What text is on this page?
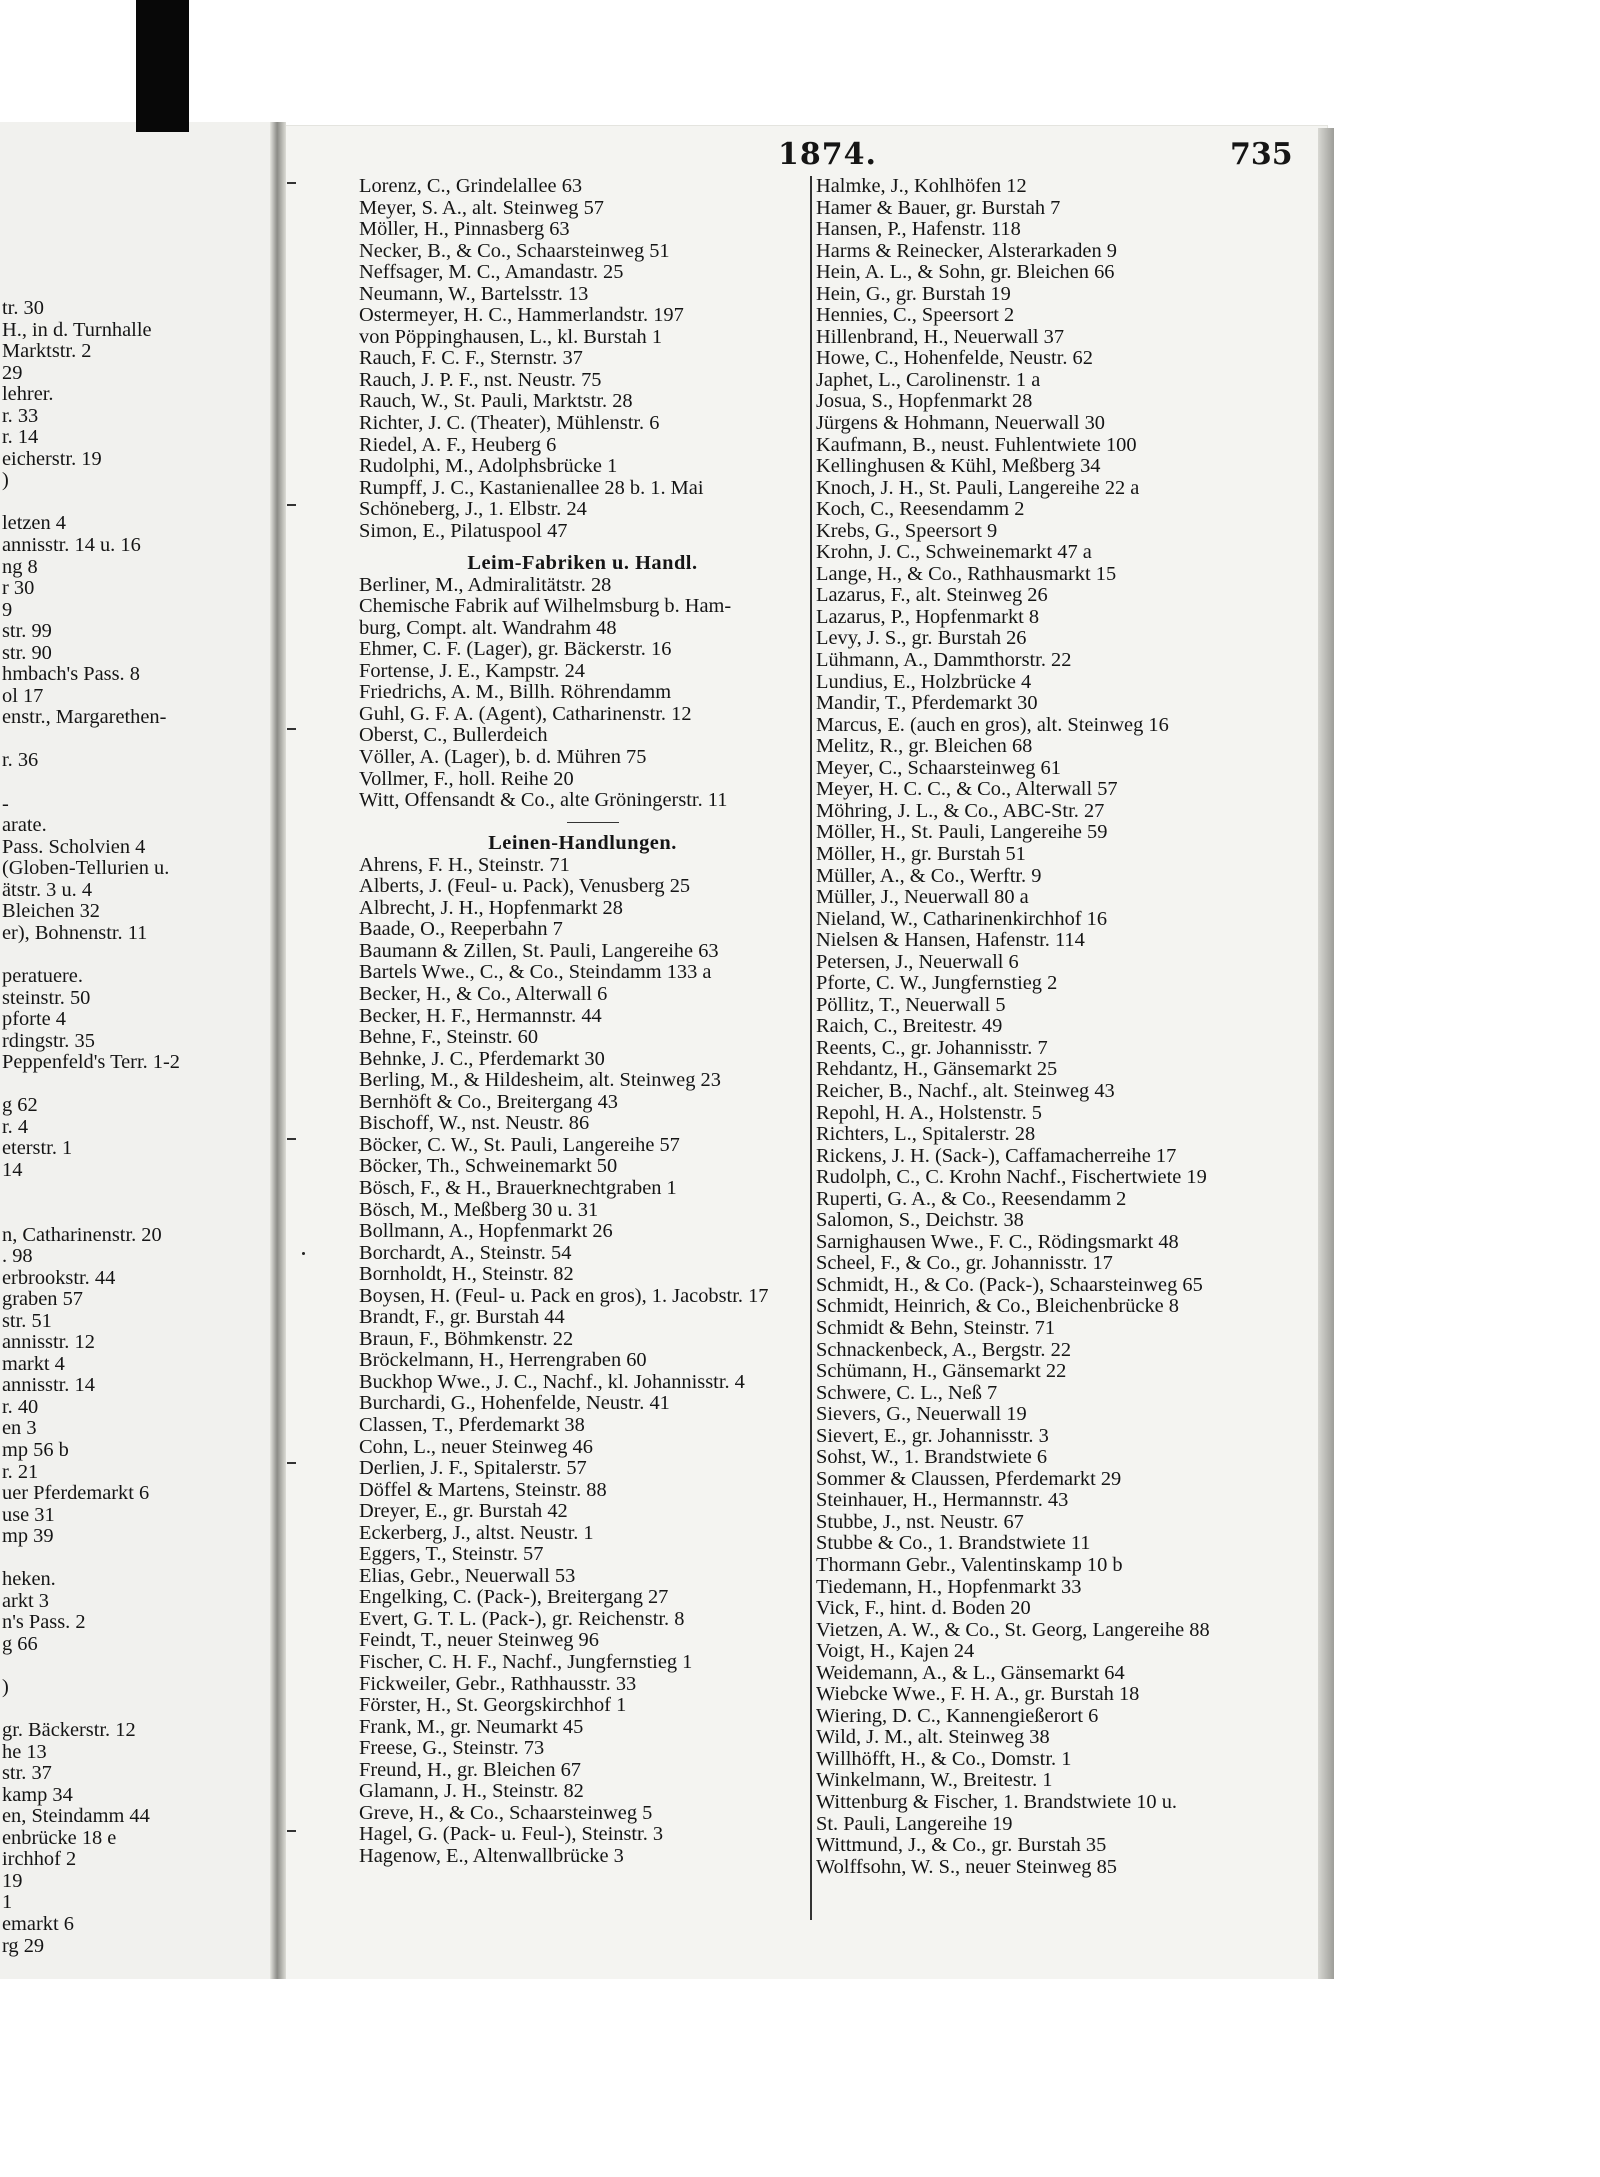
tr. 30
H., in d. Turnhalle
Marktstr. 2
29
lehrer.
r. 33
r. 14
eicherstr. 19
)
letzen 4
annisstr. 14 u. 16
ng 8
r 30
9
str. 99
str. 90
hmbach's Pass. 8
ol 17
enstr., Margarethen-
r. 36
-
arate.
Pass. Scholvien 4
(Globen-Tellurien u.
ätstr. 3 u. 4
Bleichen 32
er), Bohnenstr. 11
peratuere.
steinstr. 50
pforte 4
rdingstr. 35
Peppenfeld's Terr. 1-2
g 62
r. 4
eterstr. 1
14
n, Catharinenstr. 20
. 98
erbrookstr. 44
graben 57
str. 51
annisstr. 12
markt 4
annisstr. 14
r. 40
en 3
mp 56 b
r. 21
uer Pferdemarkt 6
use 31
mp 39
heken.
arkt 3
n's Pass. 2
g 66
)
gr. Bäckerstr. 12
he 13
str. 37
kamp 34
en, Steindamm 44
enbrücke 18 e
irchhof 2
19
1
emarkt 6
rg 29
1874.	735
Lorenz, C., Grindelallee 63
Meyer, S. A., alt. Steinweg 57
Möller, H., Pinnasberg 63
Necker, B., & Co., Schaarsteinweg 51
Neffsager, M. C., Amandastr. 25
Neumann, W., Bartelsstr. 13
Ostermeyer, H. C., Hammerlandstr. 197
von Pöppinghausen, L., kl. Burstah 1
Rauch, F. C. F., Sternstr. 37
Rauch, J. P. F., nst. Neustr. 75
Rauch, W., St. Pauli, Marktstr. 28
Richter, J. C. (Theater), Mühlenstr. 6
Riedel, A. F., Heuberg 6
Rudolphi, M., Adolphsbrücke 1
Rumpff, J. C., Kastanienallee 28 b. 1. Mai
Schöneberg, J., 1. Elbstr. 24
Simon, E., Pilatuspool 47
Leim-Fabriken u. Handl.
Berliner, M., Admiralitätstr. 28
Chemische Fabrik auf Wilhelmsburg b. Ham-
burg, Compt. alt. Wandrahm 48
Ehmer, C. F. (Lager), gr. Bäckerstr. 16
Fortense, J. E., Kampstr. 24
Friedrichs, A. M., Billh. Röhrendamm
Guhl, G. F. A. (Agent), Catharinenstr. 12
Oberst, C., Bullerdeich
Völler, A. (Lager), b. d. Mühren 75
Vollmer, F., holl. Reihe 20
Witt, Offensandt & Co., alte Gröningerstr. 11
Leinen-Handlungen.
Ahrens, F. H., Steinstr. 71
Alberts, J. (Feul- u. Pack), Venusberg 25
Albrecht, J. H., Hopfenmarkt 28
Baade, O., Reeperbahn 7
Baumann & Zillen, St. Pauli, Langereihe 63
Bartels Wwe., C., & Co., Steindamm 133 a
Becker, H., & Co., Alterwall 6
Becker, H. F., Hermannstr. 44
Behne, F., Steinstr. 60
Behnke, J. C., Pferdemarkt 30
Berling, M., & Hildesheim, alt. Steinweg 23
Bernhöft & Co., Breitergang 43
Bischoff, W., nst. Neustr. 86
Böcker, C. W., St. Pauli, Langereihe 57
Böcker, Th., Schweinemarkt 50
Bösch, F., & H., Brauerknechtgraben 1
Bösch, M., Meßberg 30 u. 31
Bollmann, A., Hopfenmarkt 26
Borchardt, A., Steinstr. 54
Bornholdt, H., Steinstr. 82
Boysen, H. (Feul- u. Pack en gros), 1. Jacobstr. 17
Brandt, F., gr. Burstah 44
Braun, F., Böhmkenstr. 22
Bröckelmann, H., Herrengraben 60
Buckhop Wwe., J. C., Nachf., kl. Johannisstr. 4
Burchardi, G., Hohenfelde, Neustr. 41
Classen, T., Pferdemarkt 38
Cohn, L., neuer Steinweg 46
Derlien, J. F., Spitalerstr. 57
Döffel & Martens, Steinstr. 88
Dreyer, E., gr. Burstah 42
Eckerberg, J., altst. Neustr. 1
Eggers, T., Steinstr. 57
Elias, Gebr., Neuerwall 53
Engelking, C. (Pack-), Breitergang 27
Evert, G. T. L. (Pack-), gr. Reichenstr. 8
Feindt, T., neuer Steinweg 96
Fischer, C. H. F., Nachf., Jungfernstieg 1
Fickweiler, Gebr., Rathhausstr. 33
Förster, H., St. Georgskirchhof 1
Frank, M., gr. Neumarkt 45
Freese, G., Steinstr. 73
Freund, H., gr. Bleichen 67
Glamann, J. H., Steinstr. 82
Greve, H., & Co., Schaarsteinweg 5
Hagel, G. (Pack- u. Feul-), Steinstr. 3
Hagenow, E., Altenwallbrücke 3
Halmke, J., Kohlhöfen 12
Hamer & Bauer, gr. Burstah 7
Hansen, P., Hafenstr. 118
Harms & Reinecker, Alsterarkaden 9
Hein, A. L., & Sohn, gr. Bleichen 66
Hein, G., gr. Burstah 19
Hennies, C., Speersort 2
Hillenbrand, H., Neuerwall 37
Howe, C., Hohenfelde, Neustr. 62
Japhet, L., Carolinenstr. 1 a
Josua, S., Hopfenmarkt 28
Jürgens & Hohmann, Neuerwall 30
Kaufmann, B., neust. Fuhlentwiete 100
Kellinghusen & Kühl, Meßberg 34
Knoch, J. H., St. Pauli, Langereihe 22 a
Koch, C., Reesendamm 2
Krebs, G., Speersort 9
Krohn, J. C., Schweinemarkt 47 a
Lange, H., & Co., Rathhausmarkt 15
Lazarus, F., alt. Steinweg 26
Lazarus, P., Hopfenmarkt 8
Levy, J. S., gr. Burstah 26
Lühmann, A., Dammthorstr. 22
Lundius, E., Holzbrücke 4
Mandir, T., Pferdemarkt 30
Marcus, E. (auch en gros), alt. Steinweg 16
Melitz, R., gr. Bleichen 68
Meyer, C., Schaarsteinweg 61
Meyer, H. C. C., & Co., Alterwall 57
Möhring, J. L., & Co., ABC-Str. 27
Möller, H., St. Pauli, Langereihe 59
Möller, H., gr. Burstah 51
Müller, A., & Co., Werftr. 9
Müller, J., Neuerwall 80 a
Nieland, W., Catharinenkirchhof 16
Nielsen & Hansen, Hafenstr. 114
Petersen, J., Neuerwall 6
Pforte, C. W., Jungfernstieg 2
Pöllitz, T., Neuerwall 5
Raich, C., Breitestr. 49
Reents, C., gr. Johannisstr. 7
Rehdantz, H., Gänsemarkt 25
Reicher, B., Nachf., alt. Steinweg 43
Repohl, H. A., Holstenstr. 5
Richters, L., Spitalerstr. 28
Rickens, J. H. (Sack-), Caffamacherreihe 17
Rudolph, C., C. Krohn Nachf., Fischertwiete 19
Ruperti, G. A., & Co., Reesendamm 2
Salomon, S., Deichstr. 38
Sarnighausen Wwe., F. C., Rödingsmarkt 48
Scheel, F., & Co., gr. Johannisstr. 17
Schmidt, H., & Co. (Pack-), Schaarsteinweg 65
Schmidt, Heinrich, & Co., Bleichenbrücke 8
Schmidt & Behn, Steinstr. 71
Schnackenbeck, A., Bergstr. 22
Schümann, H., Gänsemarkt 22
Schwere, C. L., Neß 7
Sievers, G., Neuerwall 19
Sievert, E., gr. Johannisstr. 3
Sohst, W., 1. Brandstwiete 6
Sommer & Claussen, Pferdemarkt 29
Steinhauer, H., Hermannstr. 43
Stubbe, J., nst. Neustr. 67
Stubbe & Co., 1. Brandstwiete 11
Thormann Gebr., Valentinskamp 10 b
Tiedemann, H., Hopfenmarkt 33
Vick, F., hint. d. Boden 20
Vietzen, A. W., & Co., St. Georg, Langereihe 88
Voigt, H., Kajen 24
Weidemann, A., & L., Gänsemarkt 64
Wiebcke Wwe., F. H. A., gr. Burstah 18
Wiering, D. C., Kannengießerort 6
Wild, J. M., alt. Steinweg 38
Willhöfft, H., & Co., Domstr. 1
Winkelmann, W., Breitestr. 1
Wittenburg & Fischer, 1. Brandstwiete 10 u.
St. Pauli, Langereihe 19
Wittmund, J., & Co., gr. Burstah 35
Wolffsohn, W. S., neuer Steinweg 85
